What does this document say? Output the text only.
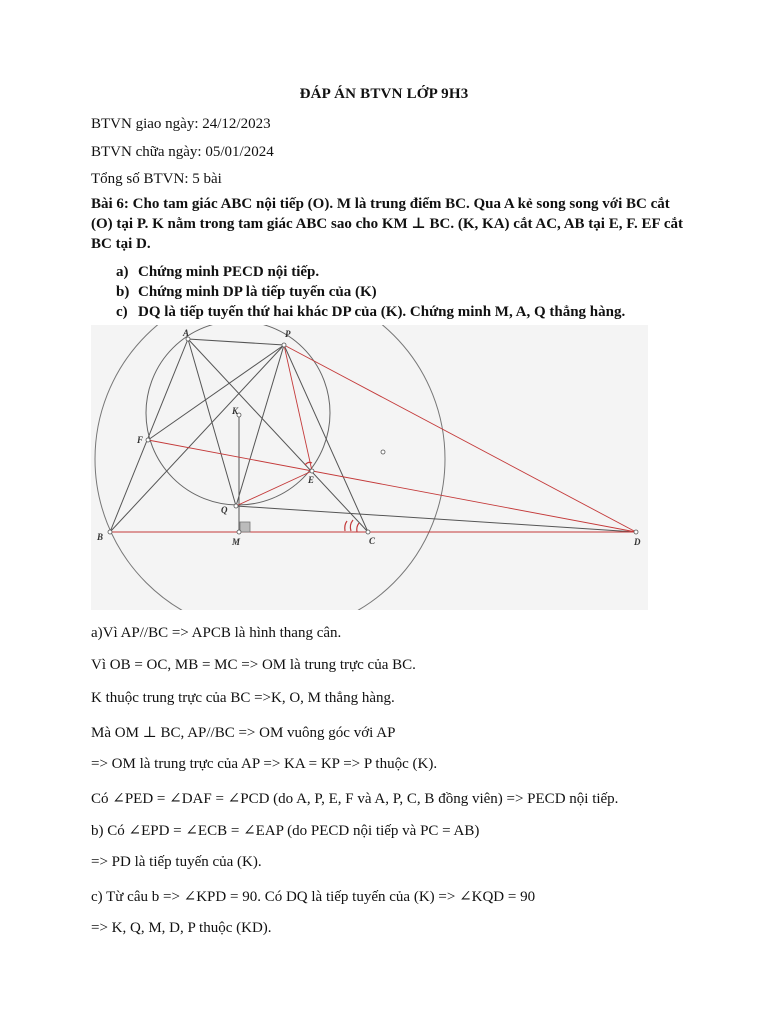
ĐÁP ÁN BTVN LỚP 9H3
BTVN giao ngày: 24/12/2023
BTVN chữa ngày: 05/01/2024
Tổng số BTVN: 5 bài
Bài 6: Cho tam giác ABC nội tiếp (O). M là trung điểm BC. Qua A kẻ song song với BC cắt (O) tại P. K nằm trong tam giác ABC sao cho KM ⊥ BC. (K, KA) cắt AC, AB tại E, F. EF cắt BC tại D.
a) Chứng minh PECD nội tiếp.
b) Chứng minh DP là tiếp tuyến của (K)
c) DQ là tiếp tuyến thứ hai khác DP của (K). Chứng minh M, A, Q thẳng hàng.
A	P
K
F
E
Q
B	M	C	D
a)Vì AP//BC => APCB là hình thang cân.
Vì OB = OC, MB = MC => OM là trung trực của BC.
K thuộc trung trực của BC =>K, O, M thẳng hàng.
Mà OM ⊥ BC, AP//BC => OM vuông góc với AP
=> OM là trung trực của AP => KA = KP => P thuộc (K).
Có ∠PED = ∠DAF = ∠PCD (do A, P, E, F và A, P, C, B đồng viên) => PECD nội tiếp.
b) Có ∠EPD = ∠ECB = ∠EAP (do PECD nội tiếp và PC = AB)
=> PD là tiếp tuyến của (K).
c) Từ câu b => ∠KPD = 90. Có DQ là tiếp tuyến của (K) => ∠KQD = 90
=> K, Q, M, D, P thuộc (KD).
